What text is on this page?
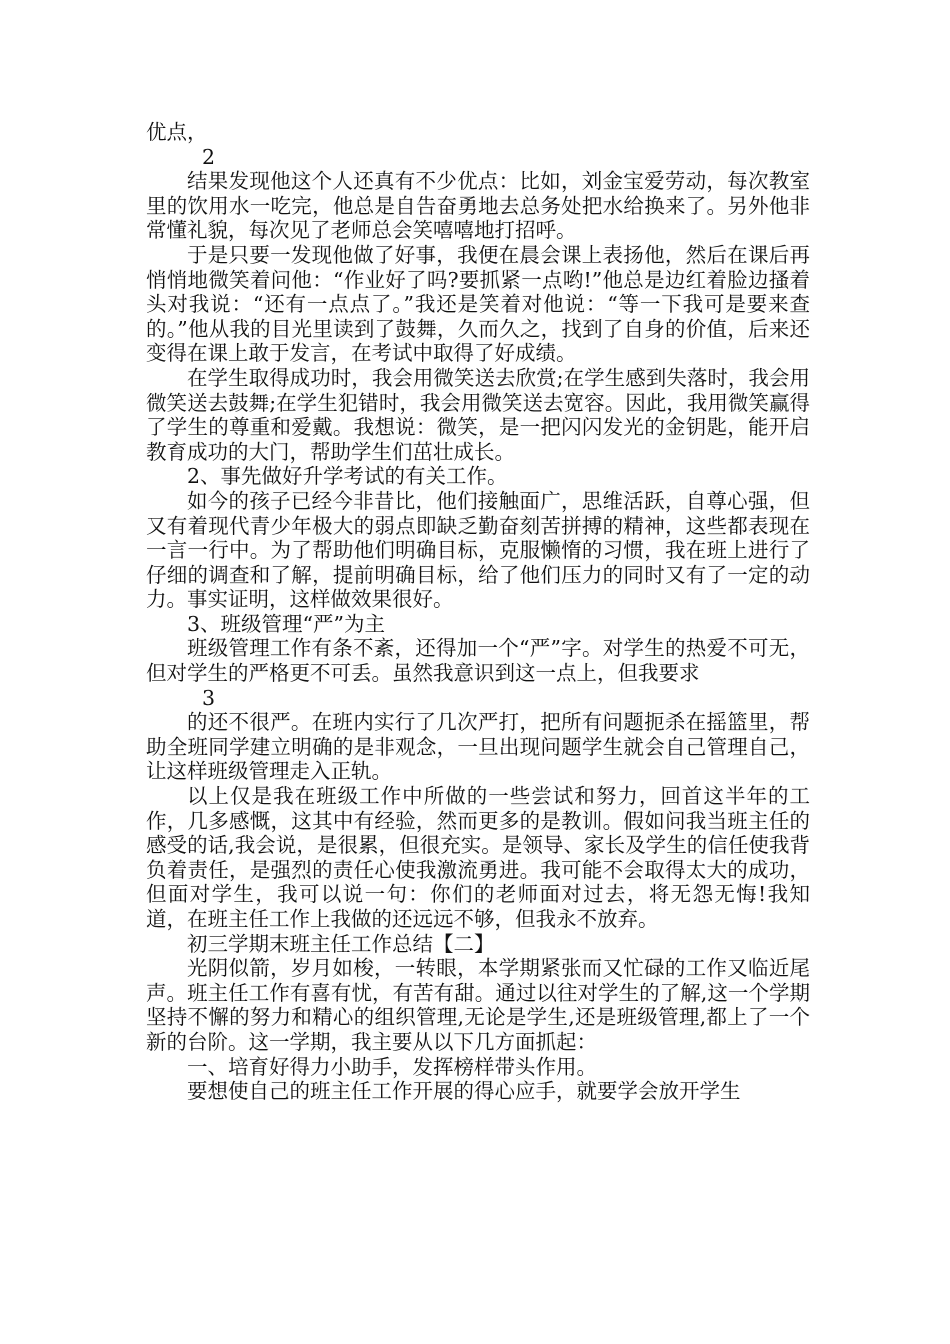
优点，

2

结果发现他这个人还真有不少优点：比如，刘金宝爱劳动，每次教室里的饮用水一吃完，他总是自告奋勇地去总务处把水给换来了。另外他非常懂礼貌，每次见了老师总会笑嘻嘻地打招呼。

于是只要一发现他做了好事，我便在晨会课上表扬他，然后在课后再悄悄地微笑着问他：“作业好了吗?要抓紧一点哟!”他总是边红着脸边搔着头对我说：“还有一点点了。”我还是笑着对他说：“等一下我可是要来查的。”他从我的目光里读到了鼓舞，久而久之，找到了自身的价值，后来还变得在课上敢于发言，在考试中取得了好成绩。

在学生取得成功时，我会用微笑送去欣赏;在学生感到失落时，我会用微笑送去鼓舞;在学生犯错时，我会用微笑送去宽容。因此，我用微笑赢得了学生的尊重和爱戴。我想说：微笑，是一把闪闪发光的金钥匙，能开启教育成功的大门，帮助学生们茁壮成长。

2、事先做好升学考试的有关工作。

如今的孩子已经今非昔比，他们接触面广，思维活跃，自尊心强，但又有着现代青少年极大的弱点即缺乏勤奋刻苦拼搏的精神，这些都表现在一言一行中。为了帮助他们明确目标，克服懒惰的习惯，我在班上进行了仔细的调查和了解，提前明确目标，给了他们压力的同时又有了一定的动力。事实证明，这样做效果很好。

3、班级管理“严”为主

班级管理工作有条不紊，还得加一个“严”字。对学生的热爱不可无，但对学生的严格更不可丢。虽然我意识到这一点上，但我要求

3

的还不很严。在班内实行了几次严打，把所有问题扼杀在摇篮里，帮助全班同学建立明确的是非观念，一旦出现问题学生就会自己管理自己，让这样班级管理走入正轨。

以上仅是我在班级工作中所做的一些尝试和努力，回首这半年的工作，几多感慨，这其中有经验，然而更多的是教训。假如问我当班主任的感受的话,我会说，是很累，但很充实。是领导、家长及学生的信任使我背负着责任，是强烈的责任心使我激流勇进。我可能不会取得太大的成功，但面对学生，我可以说一句：你们的老师面对过去，将无怨无悔!我知道，在班主任工作上我做的还远远不够，但我永不放弃。

初三学期末班主任工作总结【二】

光阴似箭，岁月如梭，一转眼，本学期紧张而又忙碌的工作又临近尾声。班主任工作有喜有忧，有苦有甜。通过以往对学生的了解,这一个学期坚持不懈的努力和精心的组织管理,无论是学生,还是班级管理,都上了一个新的台阶。这一学期，我主要从以下几方面抓起：

一、培育好得力小助手，发挥榜样带头作用。

要想使自己的班主任工作开展的得心应手，就要学会放开学生
